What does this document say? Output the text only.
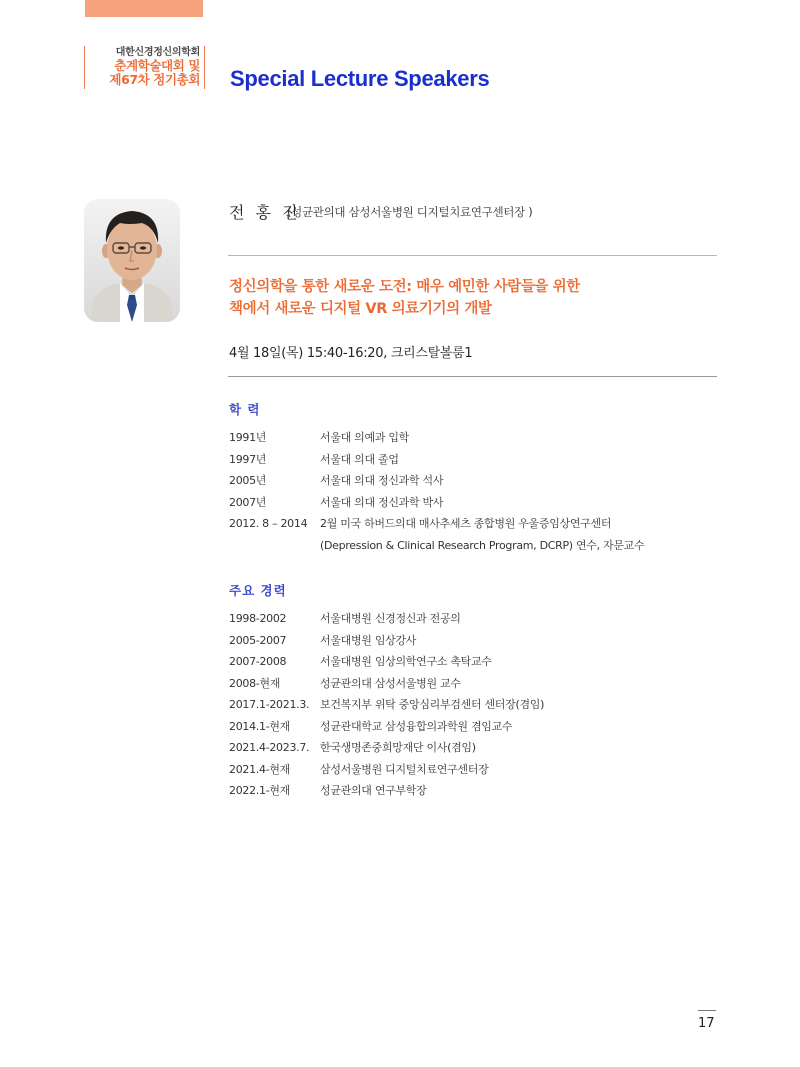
대한신경정신의학회
춘계학술대회 및
제67차 정기총회 Special Lecture Speakers
전 홍 진
(성균관의대 삼성서울병원 디지털치료연구센터장 )
정신의학을 통한 새로운 도전: 매우 예민한 사람들을 위한
책에서 새로운 디지털 VR 의료기기의 개발
4월 18일(목) 15:40-16:20, 크리스탈볼룸1
학 력
1991년	서울대 의예과 입학
1997년	서울대 의대 졸업
2005년	서울대 의대 정신과학 석사
2007년	서울대 의대 정신과학 박사
2012. 8 – 2014	2월 미국 하버드의대 매사추세츠 종합병원 우울증임상연구센터
(Depression & Clinical Research Program, DCRP) 연수, 자문교수
주요 경력
1998-2002	서울대병원 신경정신과 전공의
2005-2007	서울대병원 임상강사
2007-2008	서울대병원 임상의학연구소 촉탁교수
2008-현재	성균관의대 삼성서울병원 교수
2017.1-2021.3. 보건복지부 위탁 중앙심리부검센터 센터장(겸임)
2014.1-현재	성균관대학교 삼성융합의과학원 겸임교수
2021.4-2023.7. 한국생명존중희망재단 이사(겸임)
2021.4-현재	삼성서울병원 디지털치료연구센터장
2022.1-현재	성균관의대 연구부학장
17
